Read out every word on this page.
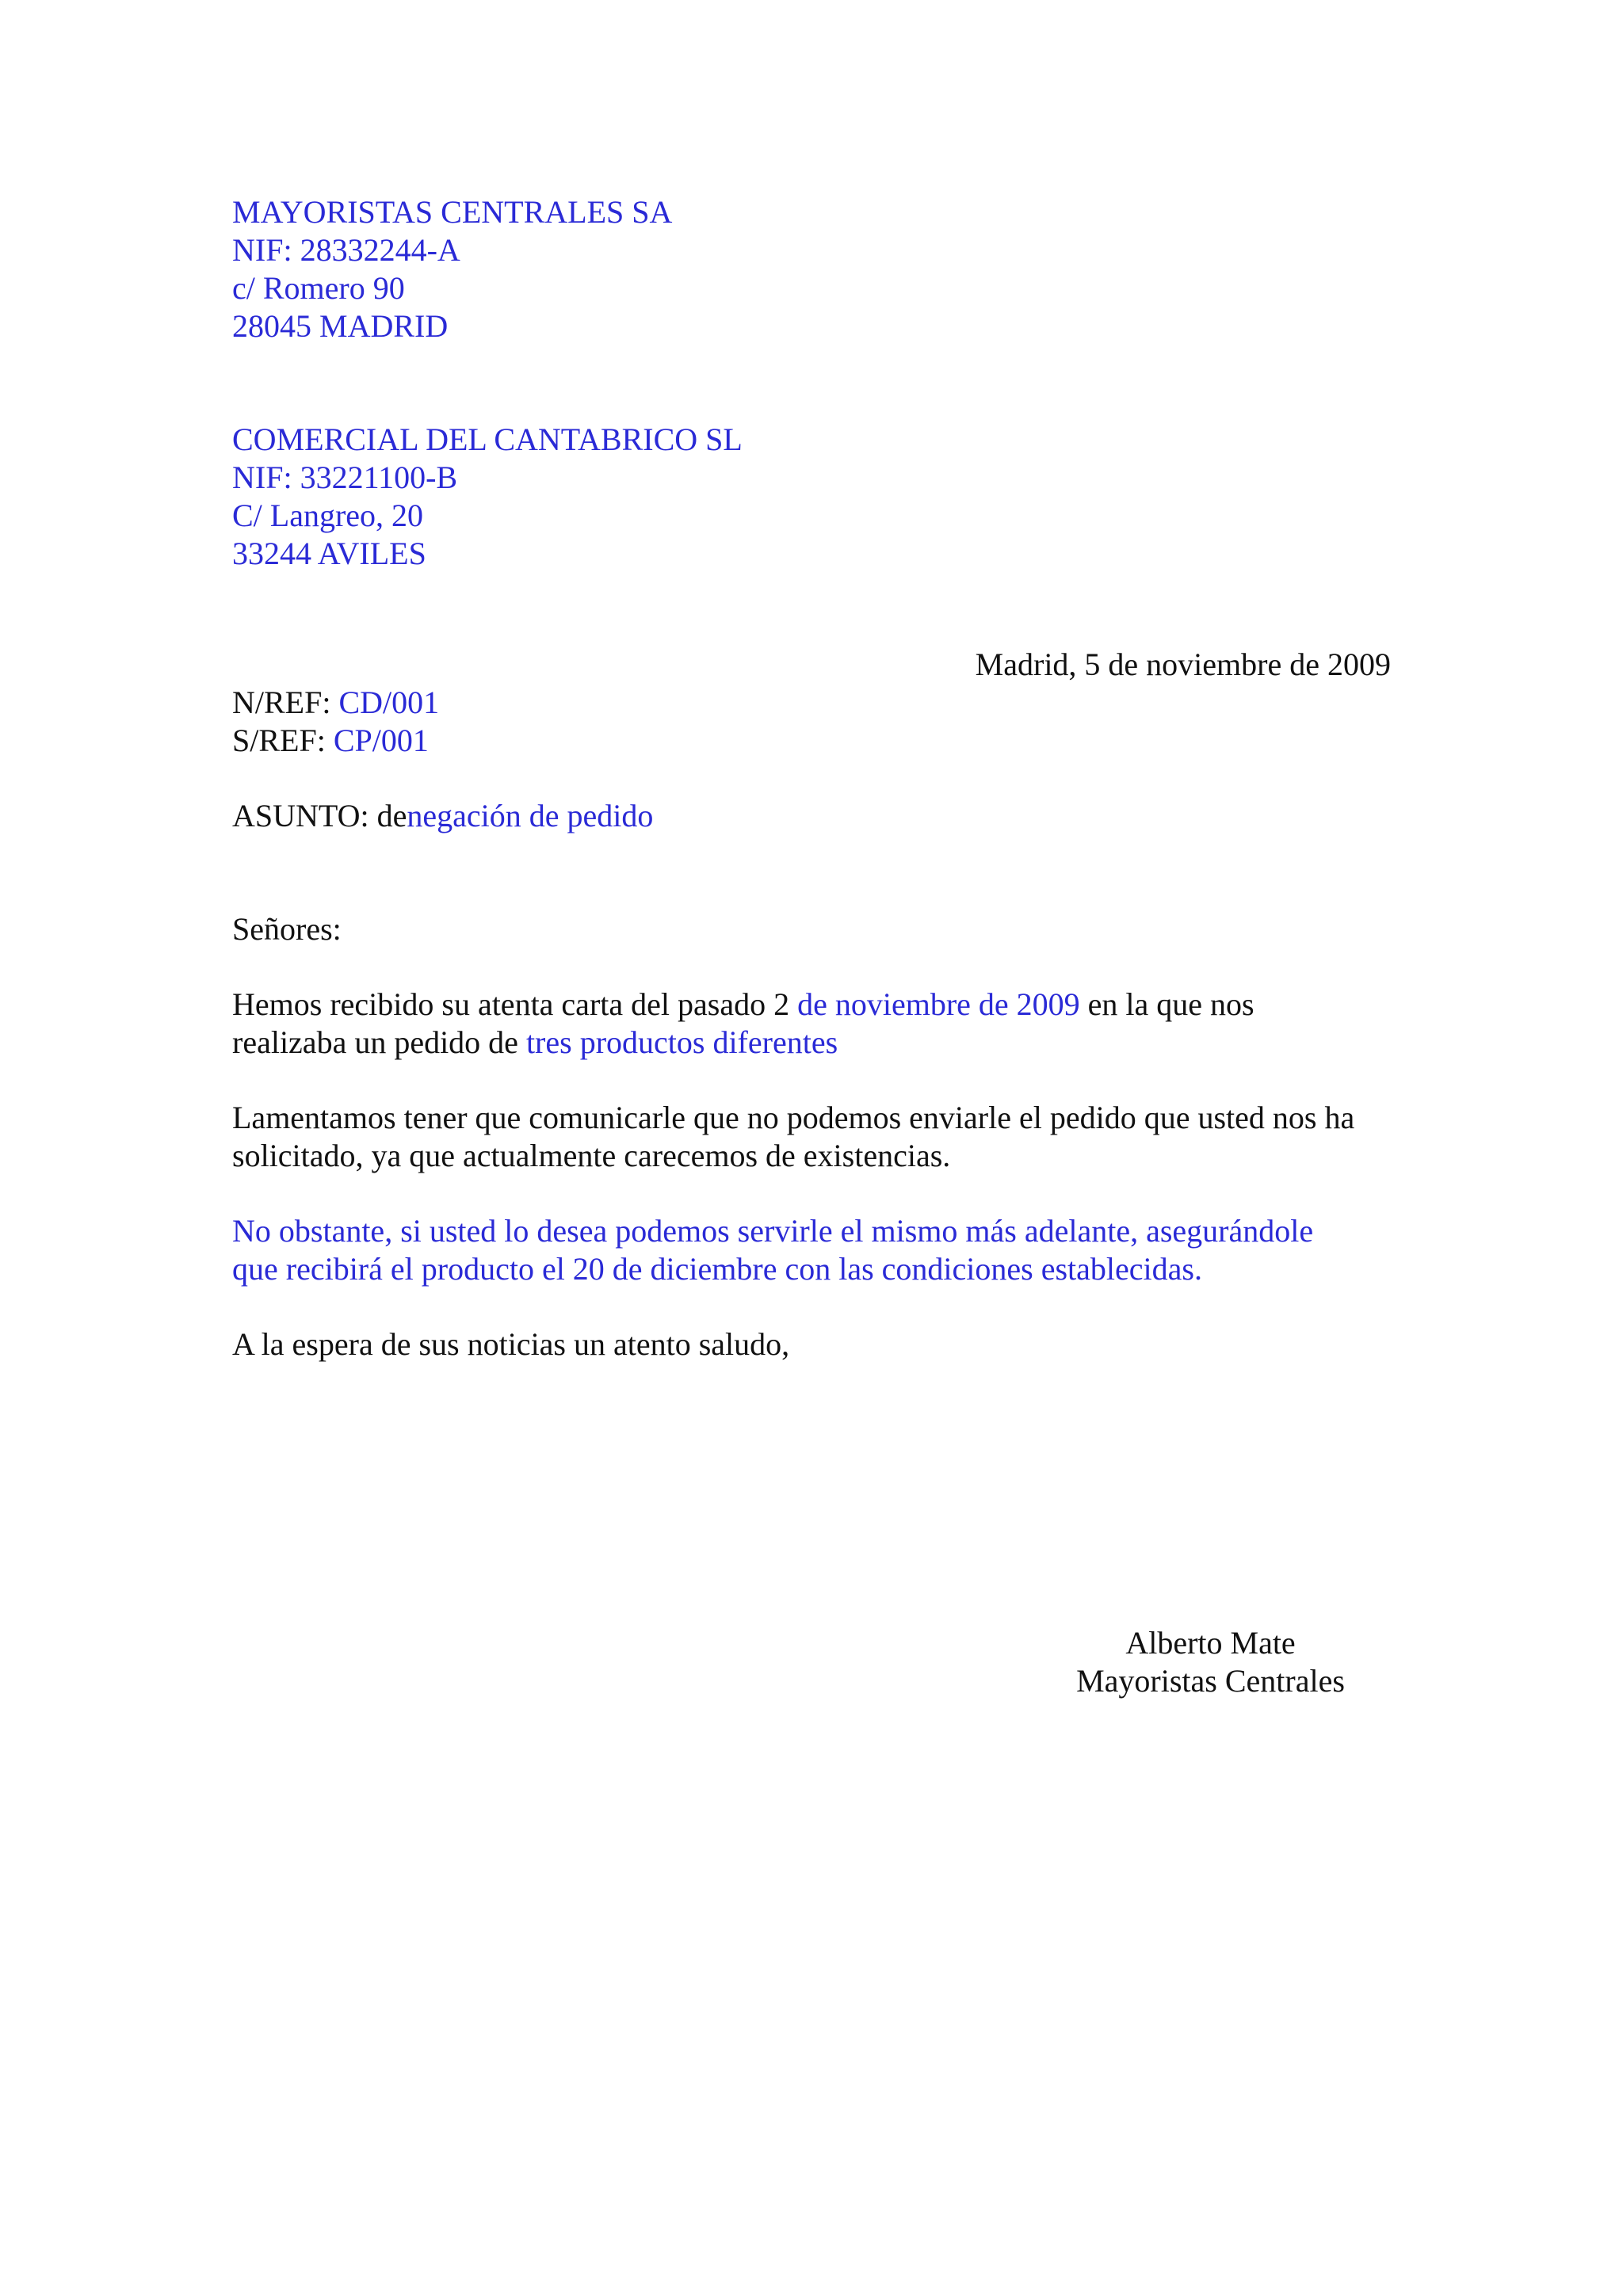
MAYORISTAS CENTRALES SA
NIF: 28332244-A
c/ Romero 90
28045 MADRID
COMERCIAL DEL CANTABRICO SL
NIF: 33221100-B
C/ Langreo, 20
33244 AVILES
Madrid, 5 de noviembre de 2009
N/REF: CD/001
S/REF: CP/001
ASUNTO: denegación de pedido
Señores:
Hemos recibido su atenta carta del pasado 2 de noviembre de 2009 en la que nos
realizaba un pedido de tres productos diferentes
Lamentamos tener que comunicarle que no podemos enviarle el pedido que usted nos ha
solicitado, ya que actualmente carecemos de existencias.
No obstante, si usted lo desea podemos servirle el mismo más adelante, asegurándole
que recibirá el producto el 20 de diciembre con las condiciones establecidas.
A la espera de sus noticias un atento saludo,
Alberto Mate
Mayoristas Centrales
